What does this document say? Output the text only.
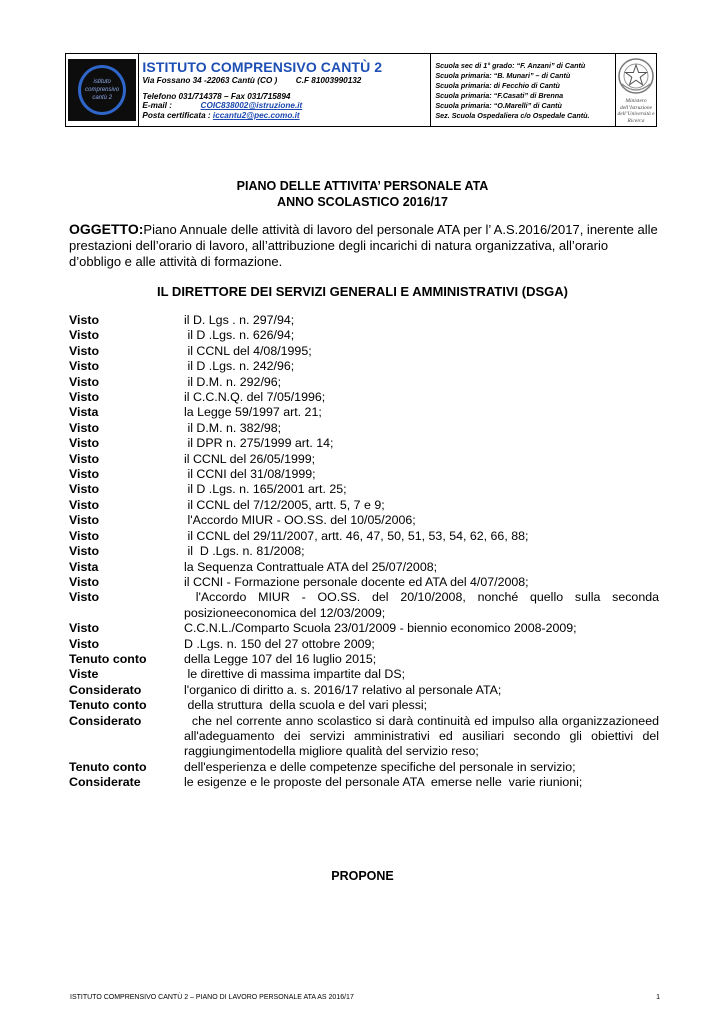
istituto
comprensivo
cantù 2
ISTITUTO COMPRENSIVO CANTÙ 2
Via Fossano 34 -22063 Cantù (CO ) C.F 81003990132
Telefono 031/714378 – Fax 031/715894
E-mail :	COIC838002@istruzione.it
Posta certificata : iccantu2@pec.como.it
Scuola sec di 1° grado: “F. Anzani” di Cantù
Scuola primaria: “B. Munari” – di Cantù
Scuola primaria: di Fecchio di Cantù
Scuola primaria: “F.Casati” di Brenna
Scuola primaria: “O.Marelli” di Cantù
Sez. Scuola Ospedaliera c/o Ospedale Cantù.
Ministero dell’Istruzione
dell’Università e Ricerca
PIANO DELLE ATTIVITA’ PERSONALE ATA
ANNO SCOLASTICO 2016/17
OGGETTO:Piano Annuale delle attività di lavoro del personale ATA per l’ A.S.2016/2017, inerente alle prestazioni dell’orario di lavoro, all’attribuzione degli incarichi di natura organizzativa, all’orario d’obbligo e alle attività di formazione.
IL DIRETTORE DEI SERVIZI GENERALI E AMMINISTRATIVI (DSGA)
Visto	il D. Lgs . n. 297/94;
Visto	il D .Lgs. n. 626/94;
Visto	il CCNL del 4/08/1995;
Visto	il D .Lgs. n. 242/96;
Visto	il D.M. n. 292/96;
Visto	il C.C.N.Q. del 7/05/1996;
Vista	la Legge 59/1997 art. 21;
Visto	il D.M. n. 382/98;
Visto	il DPR n. 275/1999 art. 14;
Visto	il CCNL del 26/05/1999;
Visto	il CCNI del 31/08/1999;
Visto	il D .Lgs. n. 165/2001 art. 25;
Visto	il CCNL del 7/12/2005, artt. 5, 7 e 9;
Visto	l'Accordo MIUR - OO.SS. del 10/05/2006;
Visto	il CCNL del 29/11/2007, artt. 46, 47, 50, 51, 53, 54, 62, 66, 88;
Visto	il  D .Lgs. n. 81/2008;
Vista	la Sequenza Contrattuale ATA del 25/07/2008;
Visto	il CCNI - Formazione personale docente ed ATA del 4/07/2008;
Visto	l'Accordo MIUR - OO.SS. del 20/10/2008, nonché quello sulla seconda posizioneeconomica del 12/03/2009;
Visto	C.C.N.L./Comparto Scuola 23/01/2009 - biennio economico 2008-2009;
Visto	D .Lgs. n. 150 del 27 ottobre 2009;
Tenuto conto	della Legge 107 del 16 luglio 2015;
Viste	le direttive di massima impartite dal DS;
Considerato	l'organico di diritto a. s. 2016/17 relativo al personale ATA;
Tenuto conto	della struttura  della scuola e del vari plessi;
Considerato	che nel corrente anno scolastico si darà continuità ed impulso alla organizzazioneed all'adeguamento dei servizi amministrativi ed ausiliari secondo gli obiettivi del raggiungimentodella migliore qualità del servizio reso;
Tenuto conto	dell'esperienza e delle competenze specifiche del personale in servizio;
Considerate	le esigenze e le proposte del personale ATA  emerse nelle  varie riunioni;
PROPONE
ISTITUTO COMPRENSIVO CANTÙ 2 – PIANO DI LAVORO PERSONALE ATA AS 2016/17	1
